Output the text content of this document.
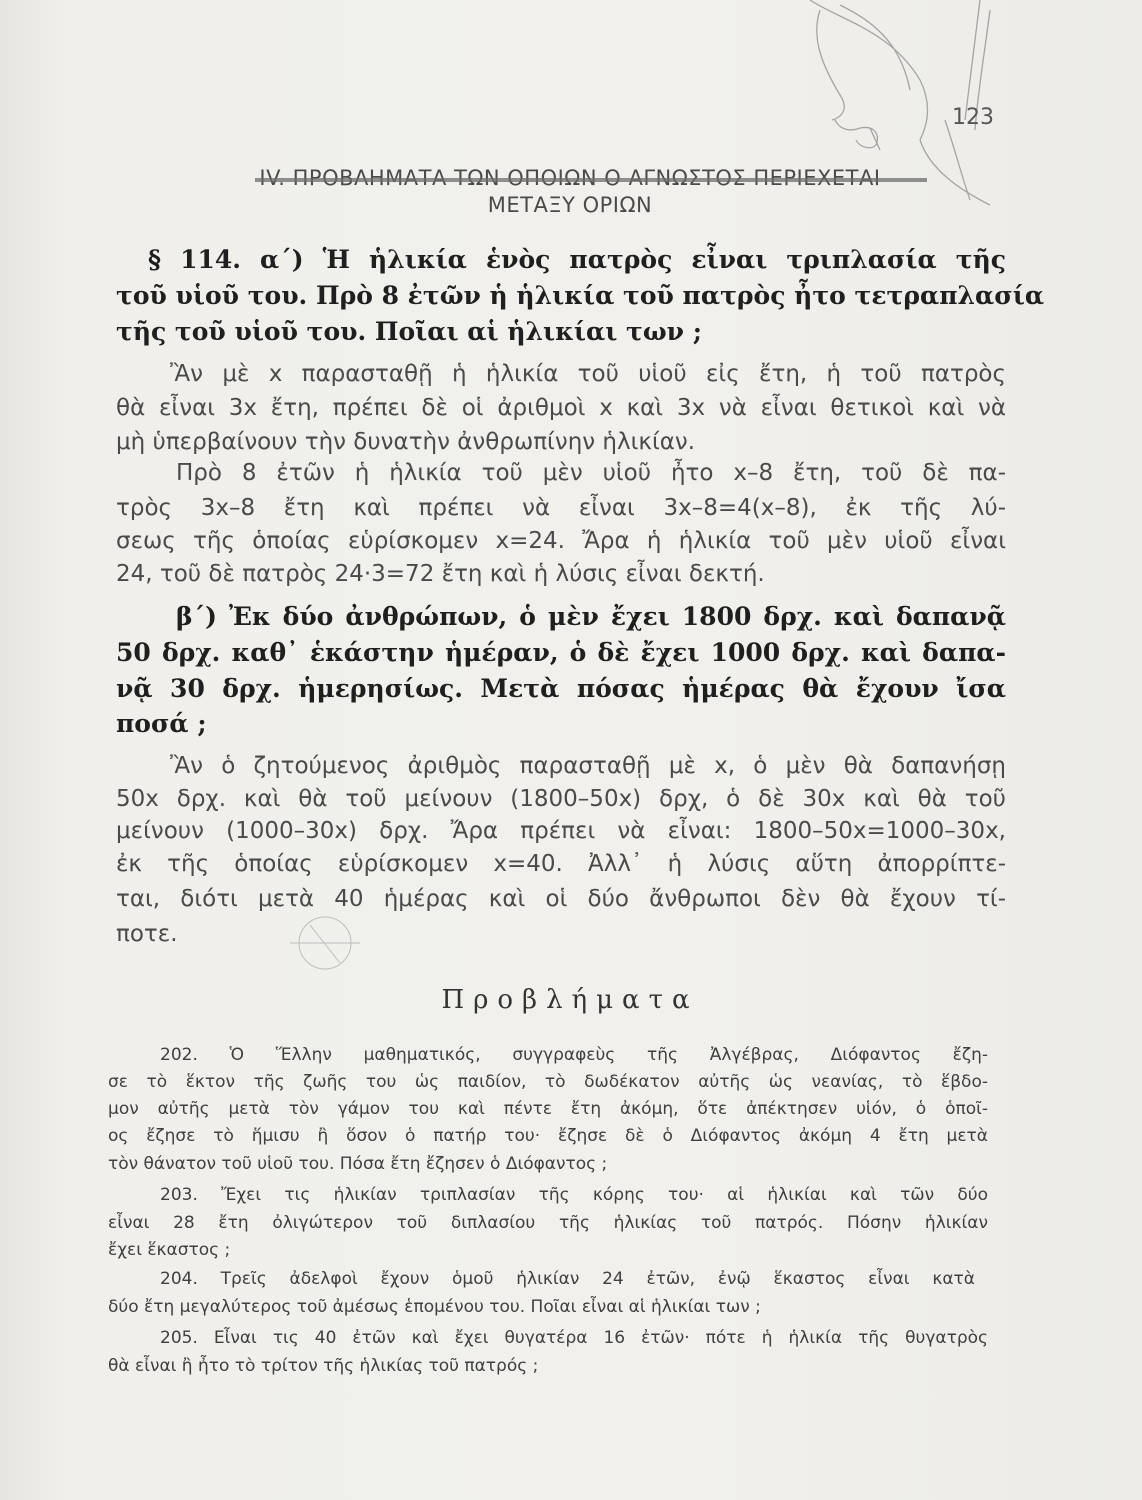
123
ΜΕΤΑΞΥ ΟΡΙΩΝ
§ 114. α΄) Ἡ ἡλικία ἑνὸς πατρὸς εἶναι τριπλασία τῆς
τοῦ υἱοῦ του. Πρὸ 8 ἐτῶν ἡ ἡλικία τοῦ πατρὸς ἦτο τετραπλασία
τῆς τοῦ υἱοῦ του. Ποῖαι αἱ ἡλικίαι των ;
Ἂν μὲ x παρασταθῇ ἡ ἡλικία τοῦ υἱοῦ εἰς ἔτη, ἡ τοῦ πατρὸς
θὰ εἶναι 3x ἔτη, πρέπει δὲ οἱ ἀριθμοὶ x καὶ 3x νὰ εἶναι θετικοὶ καὶ νὰ
μὴ ὑπερβαίνουν τὴν δυνατὴν ἀνθρωπίνην ἡλικίαν.
Πρὸ 8 ἐτῶν ἡ ἡλικία τοῦ μὲν υἱοῦ ἦτο x–8 ἔτη, τοῦ δὲ πα-
τρὸς 3x–8 ἔτη καὶ πρέπει νὰ εἶναι 3x–8=4(x–8), ἐκ τῆς λύ-
σεως τῆς ὁποίας εὑρίσκομεν x=24. Ἄρα ἡ ἡλικία τοῦ μὲν υἱοῦ εἶναι
24, τοῦ δὲ πατρὸς 24·3=72 ἔτη καὶ ἡ λύσις εἶναι δεκτή.
β΄) Ἐκ δύο ἀνθρώπων, ὁ μὲν ἔχει 1800 δρχ. καὶ δαπανᾷ
50 δρχ. καθ᾽ ἑκάστην ἡμέραν, ὁ δὲ ἔχει 1000 δρχ. καὶ δαπα-
νᾷ 30 δρχ. ἡμερησίως. Μετὰ πόσας ἡμέρας θὰ ἔχουν ἴσα
ποσά ;
Ἂν ὁ ζητούμενος ἀριθμὸς παρασταθῇ μὲ x, ὁ μὲν θὰ δαπανήσῃ
50x δρχ. καὶ θὰ τοῦ μείνουν (1800–50x) δρχ, ὁ δὲ 30x καὶ θὰ τοῦ
μείνουν (1000–30x) δρχ. Ἄρα πρέπει νὰ εἶναι: 1800–50x=1000–30x,
ἐκ τῆς ὁποίας εὑρίσκομεν x=40. Ἀλλ᾽ ἡ λύσις αὕτη ἀπορρίπτε-
ται, διότι μετὰ 40 ἡμέρας καὶ οἱ δύο ἄνθρωποι δὲν θὰ ἔχουν τί-
ποτε.
Προβλήματα
202. Ὁ Ἕλλην μαθηματικός, συγγραφεὺς τῆς Ἀλγέβρας, Διόφαντος ἔζη-
σε τὸ ἕκτον τῆς ζωῆς του ὡς παιδίον, τὸ δωδέκατον αὐτῆς ὡς νεανίας, τὸ ἕβδο-
μον αὐτῆς μετὰ τὸν γάμον του καὶ πέντε ἔτη ἀκόμη, ὅτε ἀπέκτησεν υἱόν, ὁ ὁποῖ-
ος ἔζησε τὸ ἥμισυ ἢ ὅσον ὁ πατήρ του· ἔζησε δὲ ὁ Διόφαντος ἀκόμη 4 ἔτη μετὰ
τὸν θάνατον τοῦ υἱοῦ του. Πόσα ἔτη ἔζησεν ὁ Διόφαντος ;
203. Ἔχει τις ἡλικίαν τριπλασίαν τῆς κόρης του· αἱ ἡλικίαι καὶ τῶν δύο
εἶναι 28 ἔτη ὀλιγώτερον τοῦ διπλασίου τῆς ἡλικίας τοῦ πατρός. Πόσην ἡλικίαν
ἔχει ἕκαστος ;
204. Τρεῖς ἀδελφοὶ ἔχουν ὁμοῦ ἡλικίαν 24 ἐτῶν, ἐνῷ ἕκαστος εἶναι κατὰ
δύο ἔτη μεγαλύτερος τοῦ ἀμέσως ἑπομένου του. Ποῖαι εἶναι αἱ ἡλικίαι των ;
205. Εἶναι τις 40 ἐτῶν καὶ ἔχει θυγατέρα 16 ἐτῶν· πότε ἡ ἡλικία τῆς θυγατρὸς
θὰ εἶναι ἢ ἦτο τὸ τρίτον τῆς ἡλικίας τοῦ πατρός ;
